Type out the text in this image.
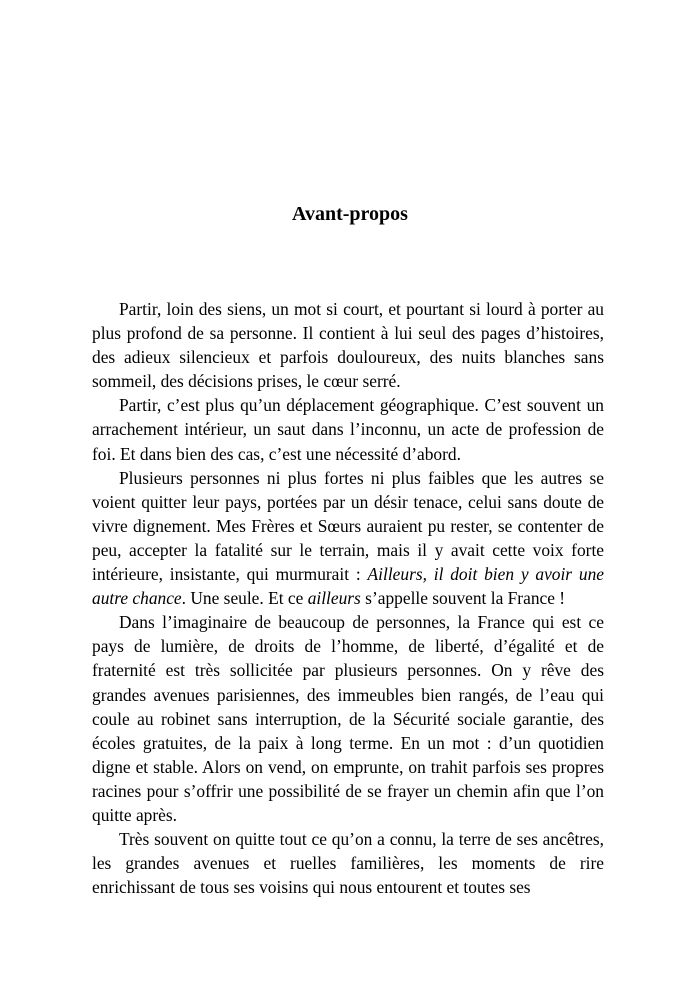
Avant-propos

Partir, loin des siens, un mot si court, et pourtant si lourd à porter au plus profond de sa personne. Il contient à lui seul des pages d’histoires, des adieux silencieux et parfois douloureux, des nuits blanches sans sommeil, des décisions prises, le cœur serré.

Partir, c’est plus qu’un déplacement géographique. C’est souvent un arrachement intérieur, un saut dans l’inconnu, un acte de profession de foi. Et dans bien des cas, c’est une nécessité d’abord.

Plusieurs personnes ni plus fortes ni plus faibles que les autres se voient quitter leur pays, portées par un désir tenace, celui sans doute de vivre dignement. Mes Frères et Sœurs auraient pu rester, se contenter de peu, accepter la fatalité sur le terrain, mais il y avait cette voix forte intérieure, insistante, qui murmurait : Ailleurs, il doit bien y avoir une autre chance. Une seule. Et ce ailleurs s’appelle souvent la France !

Dans l’imaginaire de beaucoup de personnes, la France qui est ce pays de lumière, de droits de l’homme, de liberté, d’égalité et de fraternité est très sollicitée par plusieurs personnes. On y rêve des grandes avenues parisiennes, des immeubles bien rangés, de l’eau qui coule au robinet sans interruption, de la Sécurité sociale garantie, des écoles gratuites, de la paix à long terme. En un mot : d’un quotidien digne et stable. Alors on vend, on emprunte, on trahit parfois ses propres racines pour s’offrir une possibilité de se frayer un chemin afin que l’on quitte après.

Très souvent on quitte tout ce qu’on a connu, la terre de ses ancêtres, les grandes avenues et ruelles familières, les moments de rire enrichissant de tous ses voisins qui nous entourent et toutes ses
